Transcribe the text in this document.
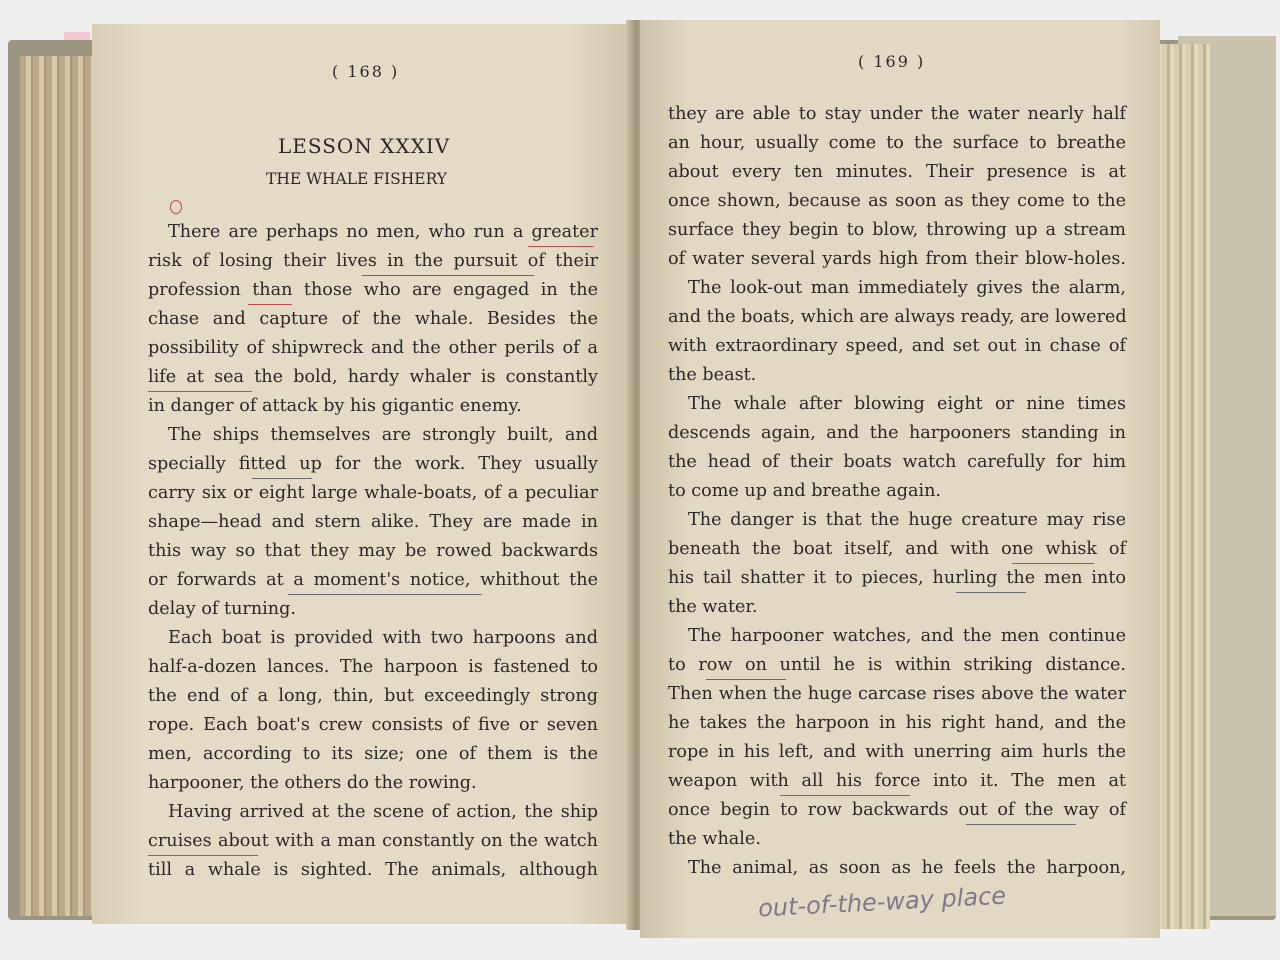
( 168 )
LESSON XXXIV
THE WHALE FISHERY
There are perhaps no men, who run a greater
risk of losing their lives in the pursuit of their
profession than those who are engaged in the
chase and capture of the whale. Besides the
possibility of shipwreck and the other perils of a
life at sea the bold, hardy whaler is constantly
in danger of attack by his gigantic enemy.
The ships themselves are strongly built, and
specially fitted up for the work. They usually
carry six or eight large whale-boats, of a peculiar
shape—head and stern alike. They are made in
this way so that they may be rowed backwards
or forwards at a moment's notice, whithout the
delay of turning.
Each boat is provided with two harpoons and
half-a-dozen lances. The harpoon is fastened to
the end of a long, thin, but exceedingly strong
rope. Each boat's crew consists of five or seven
men, according to its size; one of them is the
harpooner, the others do the rowing.
Having arrived at the scene of action, the ship
cruises about with a man constantly on the watch
till a whale is sighted. The animals, although
( 169 )
they are able to stay under the water nearly half
an hour, usually come to the surface to breathe
about every ten minutes. Their presence is at
once shown, because as soon as they come to the
surface they begin to blow, throwing up a stream
of water several yards high from their blow-holes.
The look-out man immediately gives the alarm,
and the boats, which are always ready, are lowered
with extraordinary speed, and set out in chase of
the beast.
The whale after blowing eight or nine times
descends again, and the harpooners standing in
the head of their boats watch carefully for him
to come up and breathe again.
The danger is that the huge creature may rise
beneath the boat itself, and with one whisk of
his tail shatter it to pieces, hurling the men into
the water.
The harpooner watches, and the men continue
to row on until he is within striking distance.
Then when the huge carcase rises above the water
he takes the harpoon in his right hand, and the
rope in his left, and with unerring aim hurls the
weapon with all his force into it. The men at
once begin to row backwards out of the way of
the whale.
The animal, as soon as he feels the harpoon,
out-of-the-way place
